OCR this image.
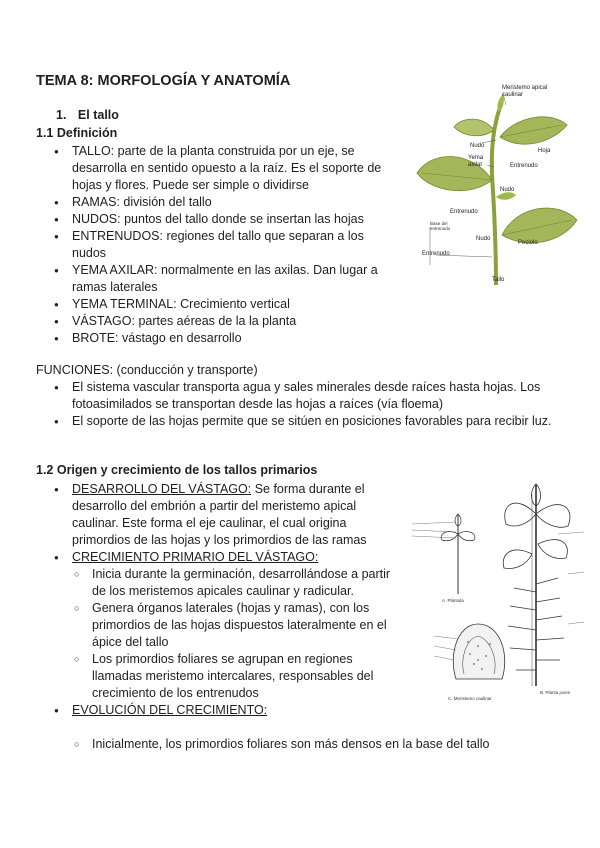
TEMA 8: MORFOLOGÍA Y ANATOMÍA
1. El tallo
1.1 Definición
● TALLO: parte de la planta construida por un eje, se desarrolla en sentido opuesto a la raíz. Es el soporte de hojas y flores. Puede ser simple o dividirse
● RAMAS: división del tallo
● NUDOS: puntos del tallo donde se insertan las hojas
● ENTRENUDOS: regiones del tallo que separan a los nudos
● YEMA AXILAR: normalmente en las axilas. Dan lugar a ramas laterales
● YEMA TERMINAL: Crecimiento vertical
● VÁSTAGO: partes aéreas de la la planta
● BROTE: vástago en desarrollo
Meristemo apical caulinar
Nudo
Hoja
Yema axilar	Entrenudo
Nudo
Entrenudo
Base del entrenudo
Nudo
Peciolo
Entrenudo
Tallo
FUNCIONES: (conducción y transporte)
● El sistema vascular transporta agua y sales minerales desde raíces hasta hojas. Los fotoasimilados se transportan desde las hojas a raíces (vía floema)
● El soporte de las hojas permite que se sitúen en posiciones favorables para recibir luz.
1.2 Origen y crecimiento de los tallos primarios
● DESARROLLO DEL VÁSTAGO: Se forma durante el desarrollo del embrión a partir del meristemo apical caulinar. Este forma el eje caulinar, el cual origina primordios de las hojas y los primordios de las ramas
● CRECIMIENTO PRIMARIO DEL VÁSTAGO:
○ Inicia durante la germinación, desarrollándose a partir de los meristemos apicales caulinar y radicular.
○ Genera órganos laterales (hojas y ramas), con los primordios de las hojas dispuestos lateralmente en el ápice del tallo
○ Los primordios foliares se agrupan en regiones llamadas meristemo intercalares, responsables del crecimiento de los entrenudos
● EVOLUCIÓN DEL CRECIMIENTO:
○ Inicialmente, los primordios foliares son más densos en la base del tallo
A. Plántula
B. Planta joven
C. Meristemo caulinar
